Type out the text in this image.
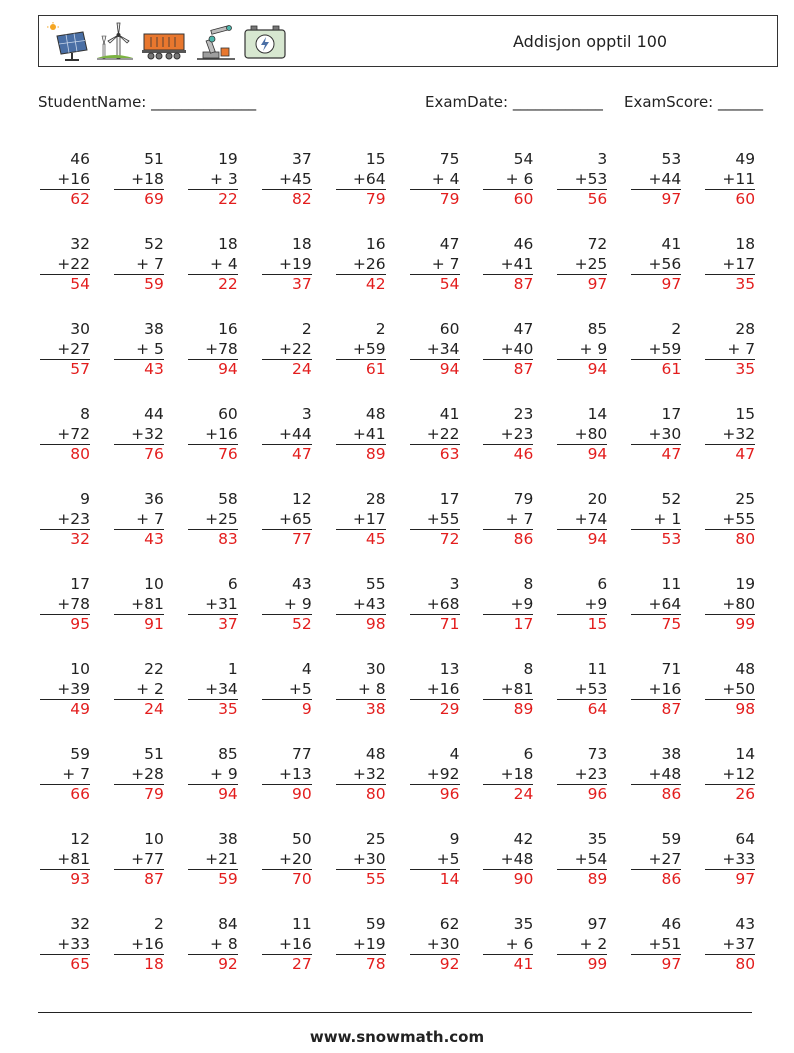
Addisjon opptil 100
StudentName: ______________	ExamDate: ____________ ExamScore: ______
46
+16
62
51
+18
69
19
+ 3
22
37
+45
82
15
+64
79
75
+ 4
79
54
+ 6
60
3
+53
56
53
+44
97
49
+11
60
32
+22
54
52
+ 7
59
18
+ 4
22
18
+19
37
16
+26
42
47
+ 7
54
46
+41
87
72
+25
97
41
+56
97
18
+17
35
30
+27
57
38
+ 5
43
16
+78
94
2
+22
24
2
+59
61
60
+34
94
47
+40
87
85
+ 9
94
2
+59
61
28
+ 7
35
8
+72
80
44
+32
76
60
+16
76
3
+44
47
48
+41
89
41
+22
63
23
+23
46
14
+80
94
17
+30
47
15
+32
47
9
+23
32
36
+ 7
43
58
+25
83
12
+65
77
28
+17
45
17
+55
72
79
+ 7
86
20
+74
94
52
+ 1
53
25
+55
80
17
+78
95
10
+81
91
6
+31
37
43
+ 9
52
55
+43
98
3
+68
71
8
+9
17
6
+9
15
11
+64
75
19
+80
99
10
+39
49
22
+ 2
24
1
+34
35
4
+5
9
30
+ 8
38
13
+16
29
8
+81
89
11
+53
64
71
+16
87
48
+50
98
59
+ 7
66
51
+28
79
85
+ 9
94
77
+13
90
48
+32
80
4
+92
96
6
+18
24
73
+23
96
38
+48
86
14
+12
26
12
+81
93
10
+77
87
38
+21
59
50
+20
70
25
+30
55
9
+5
14
42
+48
90
35
+54
89
59
+27
86
64
+33
97
32
+33
65
2
+16
18
84
+ 8
92
11
+16
27
59
+19
78
62
+30
92
35
+ 6
41
97
+ 2
99
46
+51
97
43
+37
80
www.snowmath.com
